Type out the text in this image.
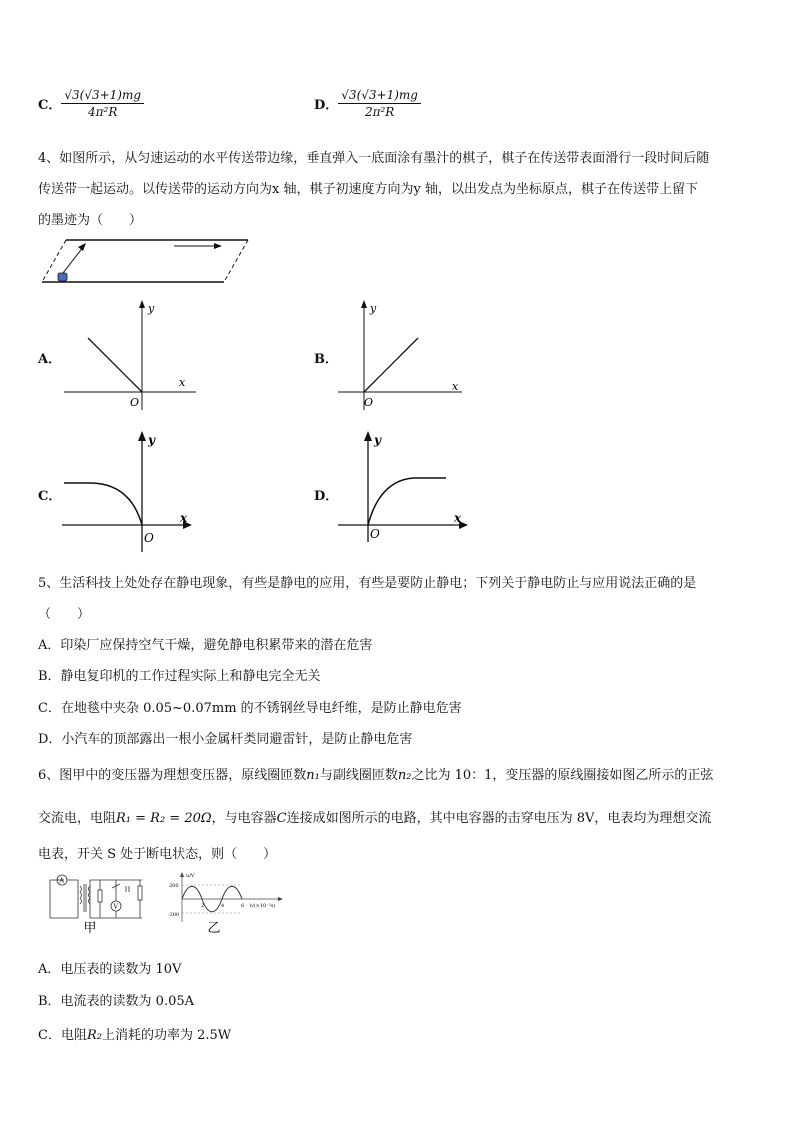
C． $\frac{√3(√3+1)mg}{\text{4π²R}}$	D． $\frac{√3(√3+1)mg}{\text{2π²R}}$
4、如图所示，从匀速运动的水平传送带边缘，垂直弹入一底面涂有墨汁的棋子，棋子在传送带表面滑行一段时间后随
传送带一起运动。以传送带的运动方向为x 轴，棋子初速度方向为y 轴，以出发点为坐标原点，棋子在传送带上留下
的墨迹为（　　）
A．
y
x
O
B．
y
x
O
C．
y
x
O
D．
y
x
O
5、生活科技上处处存在静电现象，有些是静电的应用，有些是要防止静电；下列关于静电防止与应用说法正确的是
（　　）
A．印染厂应保持空气干燥，避免静电积累带来的潜在危害
B．静电复印机的工作过程实际上和静电完全无关
C．在地毯中夹杂 0.05~0.07mm 的不锈钢丝导电纤维，是防止静电危害
D．小汽车的顶部露出一根小金属杆类同避雷针，是防止静电危害
6、图甲中的变压器为理想变压器，原线圈匝数n₁与副线圈匝数n₂之比为 10：1，变压器的原线圈接如图乙所示的正弦
交流电，电阻R₁ = R₂ = 20Ω，与电容器C连接成如图所示的电路，其中电容器的击穿电压为 8V，电表均为理想交流
电表，开关 S 处于断电状态，则（　　）
A
V
甲
200
-200
2	4	6
u/V
t/(×10⁻²s)
乙
A．电压表的读数为 10V
B．电流表的读数为 0.05A
C．电阻R₂上消耗的功率为 2.5W
